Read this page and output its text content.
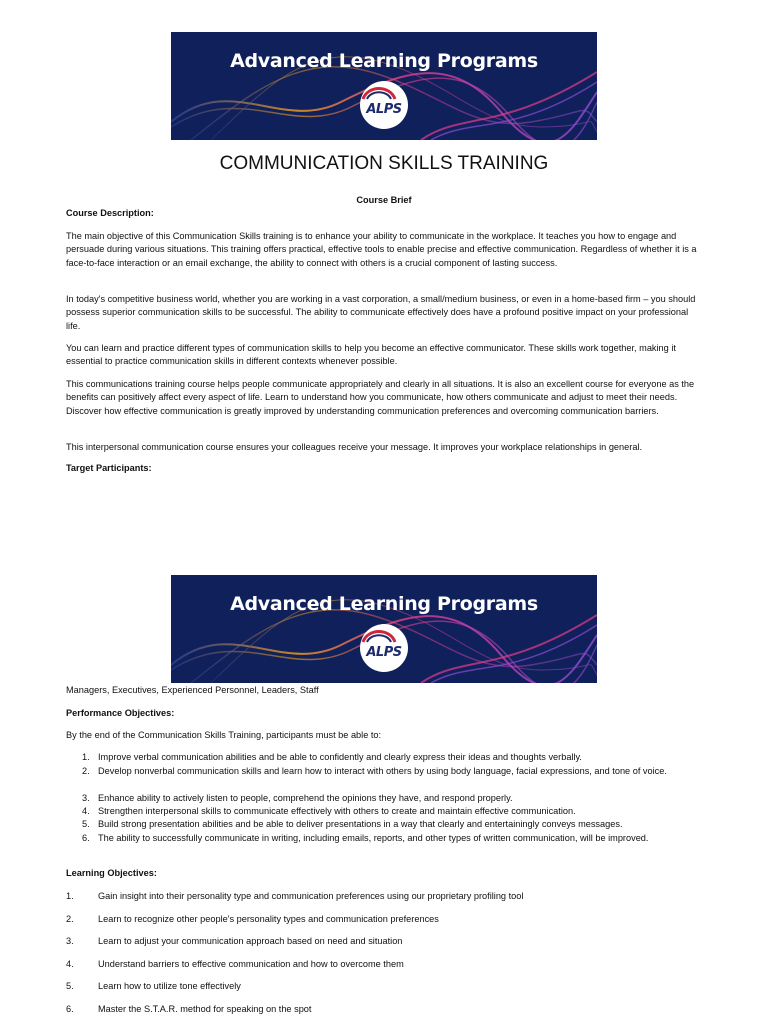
Advanced Learning Programs
ALPS
COMMUNICATION SKILLS TRAINING
Course Brief
Course Description:
The main objective of this Communication Skills training is to enhance your ability to communicate in the workplace. It teaches you how to engage and persuade during various situations. This training offers practical, effective tools to enable precise and effective communication. Regardless of whether it is a face-to-face interaction or an email exchange, the ability to connect with others is a crucial component of lasting success.
In today's competitive business world, whether you are working in a vast corporation, a small/medium business, or even in a home-based firm – you should possess superior communication skills to be successful. The ability to communicate effectively does have a profound positive impact on your professional life.
You can learn and practice different types of communication skills to help you become an effective communicator. These skills work together, making it essential to practice communication skills in different contexts whenever possible.
This communications training course helps people communicate appropriately and clearly in all situations. It is also an excellent course for everyone as the benefits can positively affect every aspect of life. Learn to understand how you communicate, how others communicate and adjust to meet their needs. Discover how effective communication is greatly improved by understanding communication preferences and overcoming communication barriers.
This interpersonal communication course ensures your colleagues receive your message. It improves your workplace relationships in general.
Target Participants:
Advanced Learning Programs
ALPS
Managers, Executives, Experienced Personnel, Leaders, Staff
Performance Objectives:
By the end of the Communication Skills Training, participants must be able to:
1. Improve verbal communication abilities and be able to confidently and clearly express their ideas and thoughts verbally.
2. Develop nonverbal communication skills and learn how to interact with others by using body language, facial expressions, and tone of voice.
3. Enhance ability to actively listen to people, comprehend the opinions they have, and respond properly.
4. Strengthen interpersonal skills to communicate effectively with others to create and maintain effective communication.
5. Build strong presentation abilities and be able to deliver presentations in a way that clearly and entertainingly conveys messages.
6. The ability to successfully communicate in writing, including emails, reports, and other types of written communication, will be improved.
Learning Objectives:
1.	Gain insight into their personality type and communication preferences using our proprietary profiling tool
2.	Learn to recognize other people's personality types and communication preferences
3.	Learn to adjust your communication approach based on need and situation
4.	Understand barriers to effective communication and how to overcome them
5.	Learn how to utilize tone effectively
6.	Master the S.T.A.R. method for speaking on the spot
